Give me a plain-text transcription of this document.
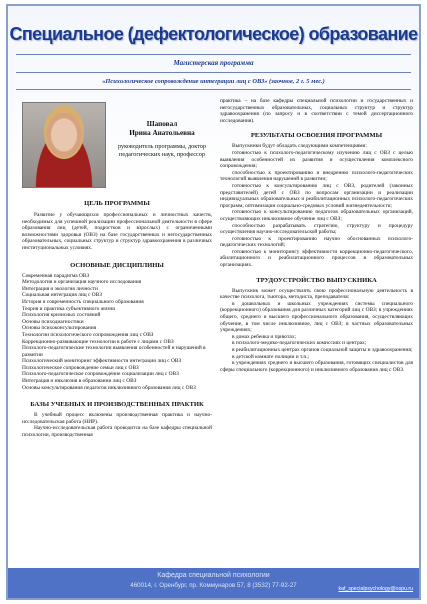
Специальное (дефектологическое) образование
Магистерская программа
«Психологическое сопровождение интеграции лиц с ОВЗ» (заочное, 2 г. 5 мес.)
Шаповал
Ирина Анатольевна
руководитель программы, доктор педагогических наук, профессор
ЦЕЛЬ ПРОГРАММЫ
Развитие у обучающихся профессиональных и личностных качеств, необходимых для успешной реализации профессиональной деятельности в сфере образования лиц (детей, подростков и взрослых) с ограниченными возможностями здоровья (ОВЗ) на базе государственных и негосударственных образовательных, социальных структур и структур здравоохранения в различных институциональных условиях.
ОСНОВНЫЕ ДИСЦИПЛИНЫ
Современная парадигма ОВЗ
Методология и организация научного исследования
Интеграция и экология личности
Социальная интеграция лиц с ОВЗ
История и современность специального образования
Теория и практика субъективного жизни
Психология кризисных состояний
Основы психодиагностики
Основы психоконсультирования
Технологии психологического сопровождения лиц с ОВЗ
Коррекционно-развивающие технологии в работе с лицами с ОВЗ
Психолого-педагогические технологии выявления особенностей и нарушений в развитии
Психологический мониторинг эффективности интеграции лиц с ОВЗ
Психологическое сопровождение семьи лиц с ОВЗ
Психолого-педагогическое сопровождение социализации лиц с ОВЗ
Интеграция и инклюзия в образовании лиц с ОВЗ
Основы консультирования педагогов инклюзивного образования лиц с ОВЗ
БАЗЫ УЧЕБНЫХ И ПРОИЗВОДСТВЕННЫХ ПРАКТИК
В учебный процесс включены производственная практика и научно-исследовательская работа (НИР).
Научно-исследовательская работа проводится на базе кафедры специальной психологии, производственная
практика – на базе кафедры специальной психологии и государственных и негосударственных образовательных, социальных структур и структур здравоохранения (по запросу и в соответствии с темой диссертационного исследования).
РЕЗУЛЬТАТЫ ОСВОЕНИЯ ПРОГРАММЫ
Выпускники будут обладать следующими компетенциями:
готовностью к психолого-педагогическому изучению лиц с ОВЗ с целью выявления особенностей их развития и осуществления комплексного сопровождения;
способностью к проектированию и внедрению психолого-педагогических технологий выявления нарушений в развитии;
готовностью к консультированию лиц с ОВЗ, родителей (законных представителей) детей с ОВЗ по вопросам организации и реализации индивидуальных образовательных и реабилитационных психолого-педагогических программ, оптимизации социально-средовых условий жизнедеятельности;
готовностью к консультированию педагогов образовательных организаций, осуществляющих инклюзивное обучение лиц с ОВЗ;
способностью разрабатывать стратегию, структуру и процедуру осуществления научно-исследовательской работы;
готовностью к проектированию научно обоснованных психолого-педагогических технологий;
готовностью к мониторингу эффективности коррекционно-педагогического, абилитационного и реабилитационного процессов в образовательных организациях.
ТРУДОУСТРОЙСТВО ВЫПУСКНИКА
Выпускник может осуществлять свою профессиональную деятельность в качестве психолога, тьютора, методиста, преподавателя:
в дошкольных и школьных учреждениях системы специального (коррекционного) образования для различных категорий лиц с ОВЗ; в учреждениях общего, среднего и высшего профессионального образования, осуществляющих обучение, в том числе инклюзивное, лиц с ОВЗ; в частных образовательных учреждениях;
в домах ребенка и приютах;
в психолого-медико-педагогических комиссиях и центрах;
в реабилитационных центрах органов социальной защиты и здравоохранения;
в детской комнате полиции и т.п.;
в учреждениях среднего и высшего образования, готовящих специалистов для сферы специального (коррекционного) и инклюзивного образования лиц с ОВЗ.
Кафедра специальной психологии
460014, г. Оренбург, пр. Коммунаров 57, 8 (3532) 77-92-27	kaf_specialpsychology@ospu.ru
